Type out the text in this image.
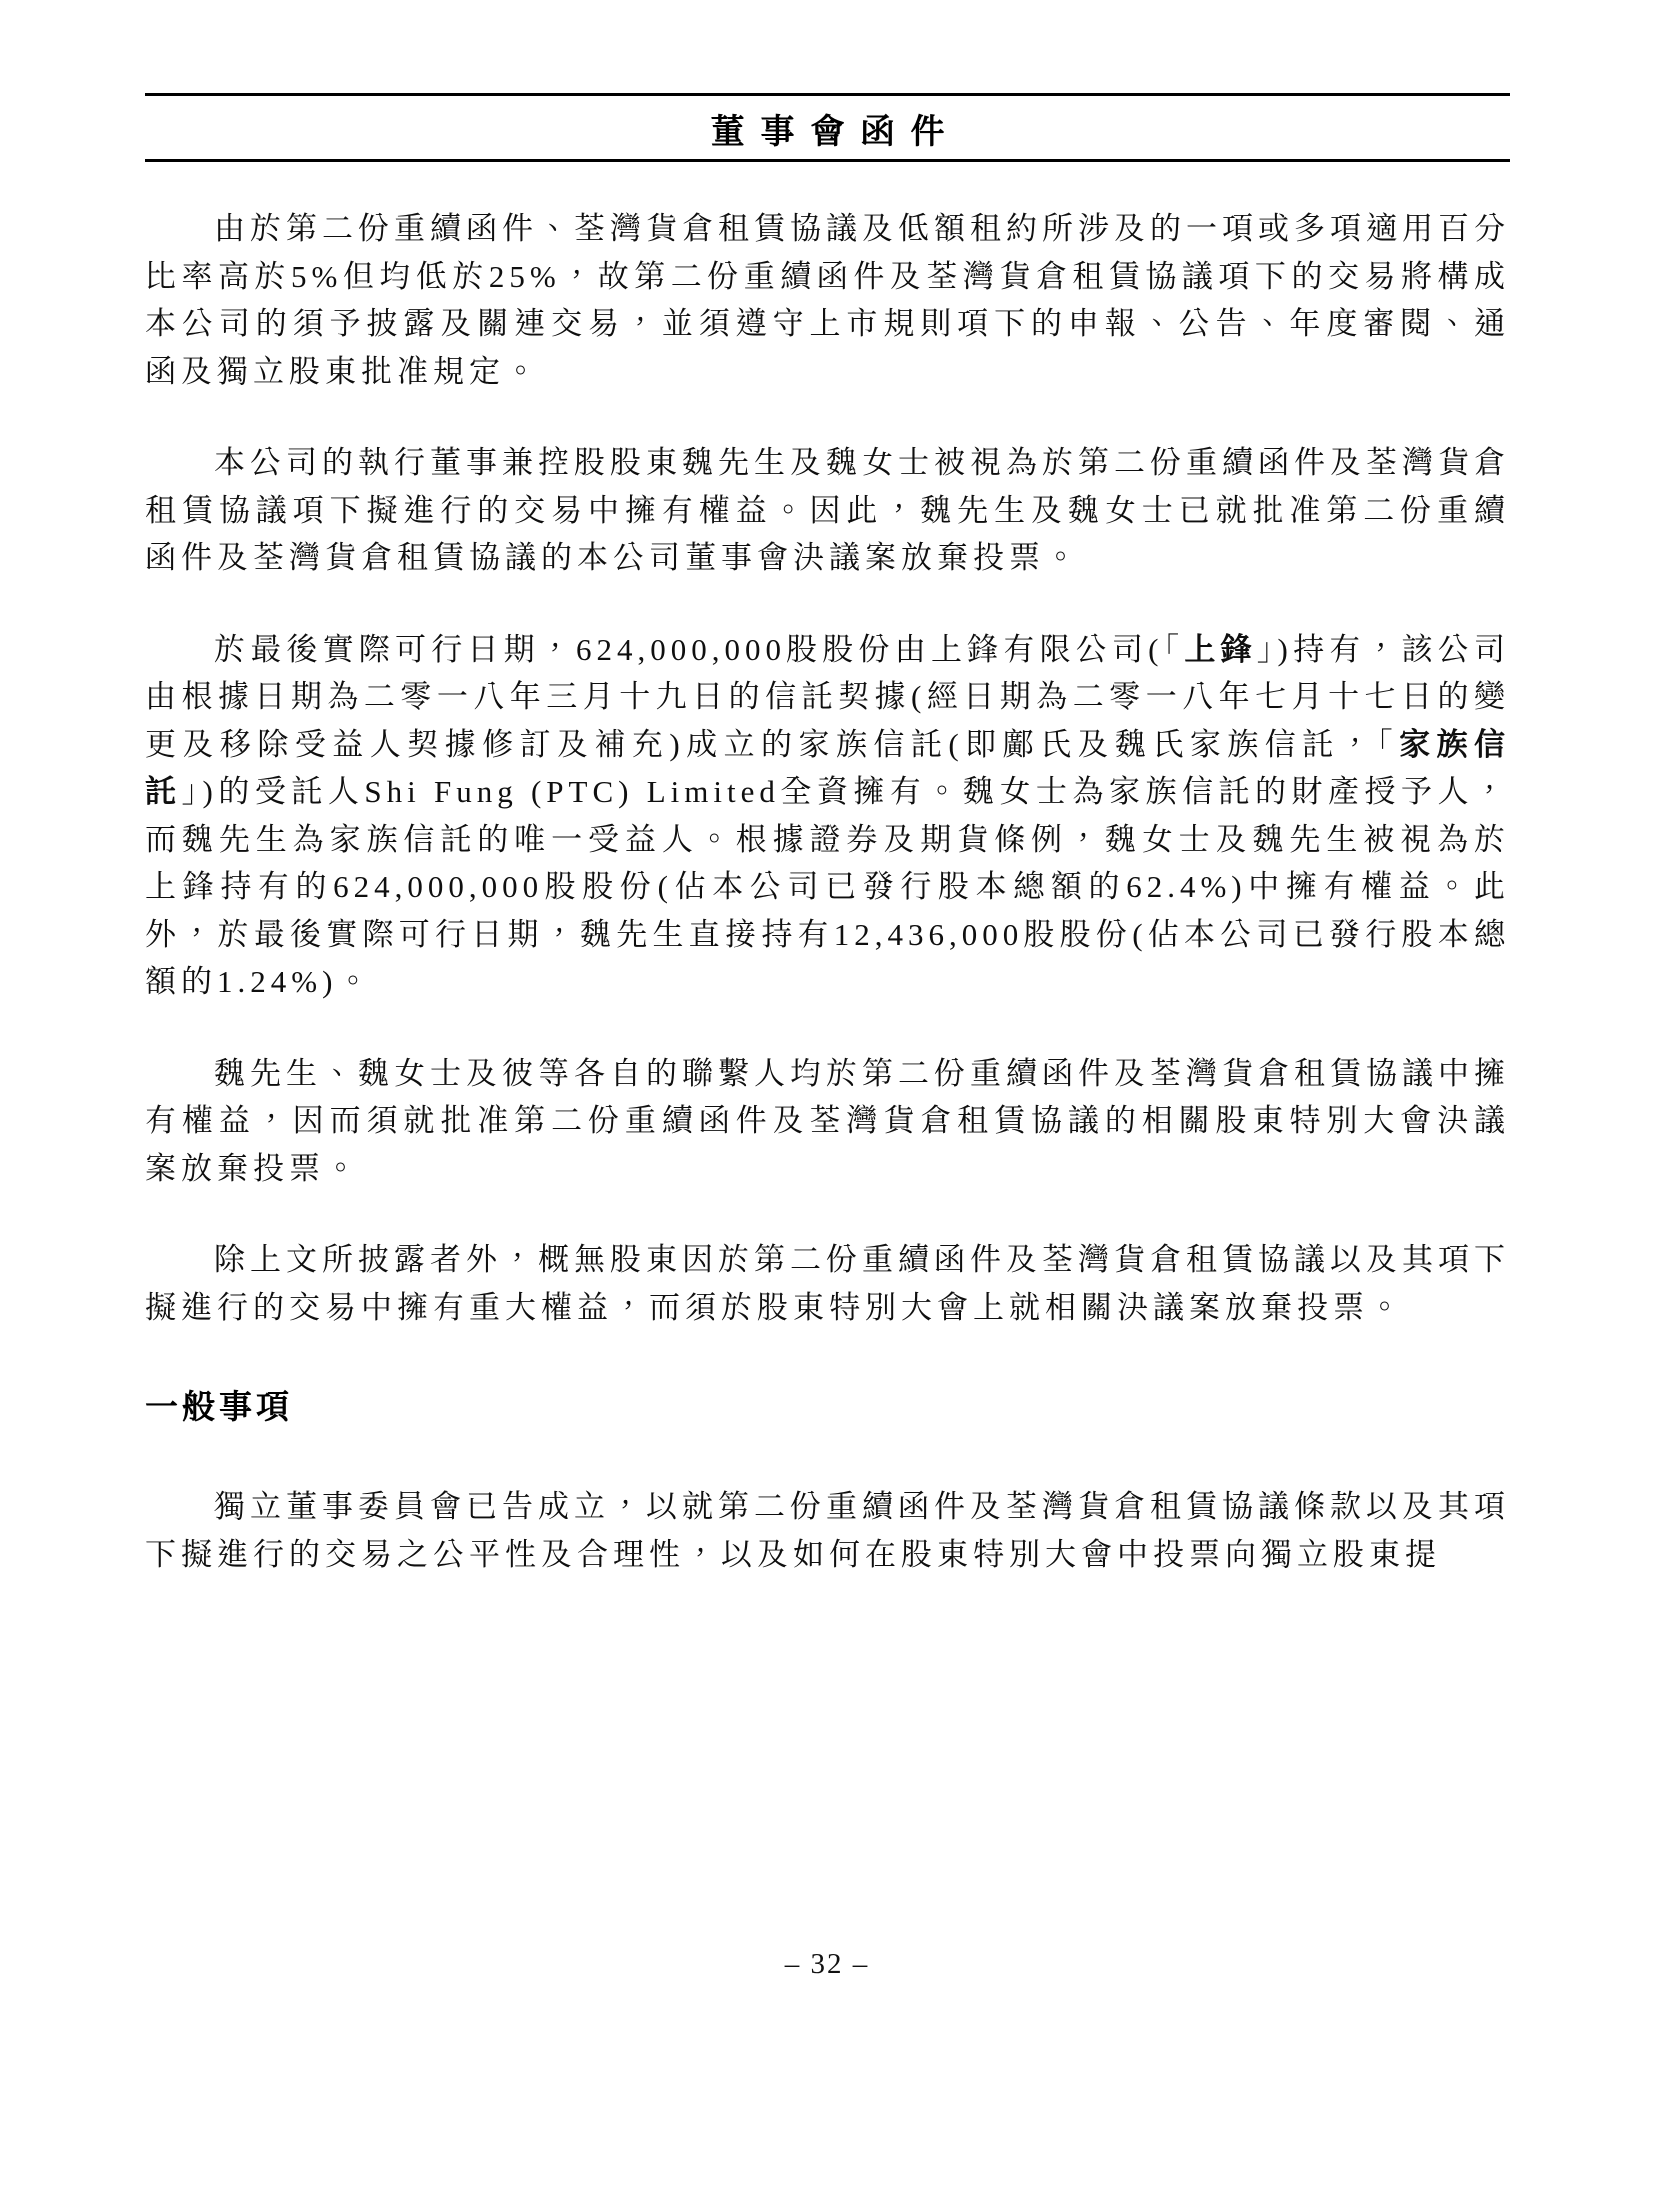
董事會函件

由於第二份重續函件、荃灣貨倉租賃協議及低額租約所涉及的一項或多項適用百分比率高於5%但均低於25%，故第二份重續函件及荃灣貨倉租賃協議項下的交易將構成本公司的須予披露及關連交易，並須遵守上市規則項下的申報、公告、年度審閱、通函及獨立股東批准規定。

本公司的執行董事兼控股股東魏先生及魏女士被視為於第二份重續函件及荃灣貨倉租賃協議項下擬進行的交易中擁有權益。因此，魏先生及魏女士已就批准第二份重續函件及荃灣貨倉租賃協議的本公司董事會決議案放棄投票。

於最後實際可行日期，624,000,000股股份由上鋒有限公司(「上鋒」)持有，該公司由根據日期為二零一八年三月十九日的信託契據(經日期為二零一八年七月十七日的變更及移除受益人契據修訂及補充)成立的家族信託(即鄺氏及魏氏家族信託，「家族信託」)的受託人Shi Fung (PTC) Limited全資擁有。魏女士為家族信託的財產授予人，而魏先生為家族信託的唯一受益人。根據證券及期貨條例，魏女士及魏先生被視為於上鋒持有的624,000,000股股份(佔本公司已發行股本總額的62.4%)中擁有權益。此外，於最後實際可行日期，魏先生直接持有12,436,000股股份(佔本公司已發行股本總額的1.24%)。

魏先生、魏女士及彼等各自的聯繫人均於第二份重續函件及荃灣貨倉租賃協議中擁有權益，因而須就批准第二份重續函件及荃灣貨倉租賃協議的相關股東特別大會決議案放棄投票。

除上文所披露者外，概無股東因於第二份重續函件及荃灣貨倉租賃協議以及其項下擬進行的交易中擁有重大權益，而須於股東特別大會上就相關決議案放棄投票。

一般事項

獨立董事委員會已告成立，以就第二份重續函件及荃灣貨倉租賃協議條款以及其項下擬進行的交易之公平性及合理性，以及如何在股東特別大會中投票向獨立股東提

– 32 –
